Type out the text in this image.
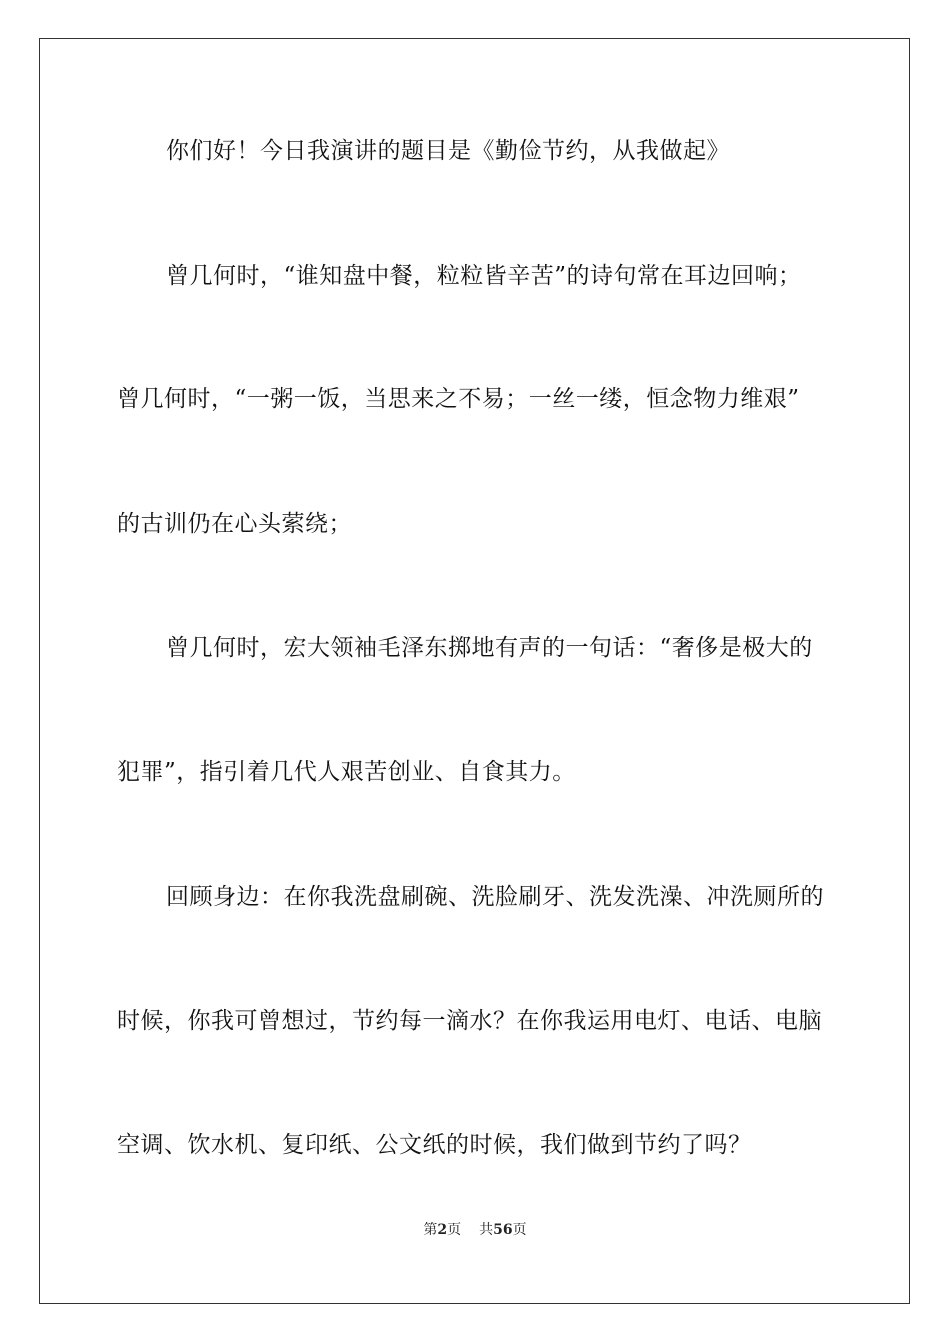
你们好！今日我演讲的题目是《勤俭节约，从我做起》
曾几何时，“谁知盘中餐，粒粒皆辛苦”的诗句常在耳边回响；
曾几何时，“一粥一饭，当思来之不易；一丝一缕，恒念物力维艰”
的古训仍在心头萦绕；
曾几何时，宏大领袖毛泽东掷地有声的一句话：“奢侈是极大的
犯罪”，指引着几代人艰苦创业、自食其力。
回顾身边：在你我洗盘刷碗、洗脸刷牙、洗发洗澡、冲洗厕所的
时候，你我可曾想过，节约每一滴水？在你我运用电灯、电话、电脑
空调、饮水机、复印纸、公文纸的时候，我们做到节约了吗？
第2页 共56页
